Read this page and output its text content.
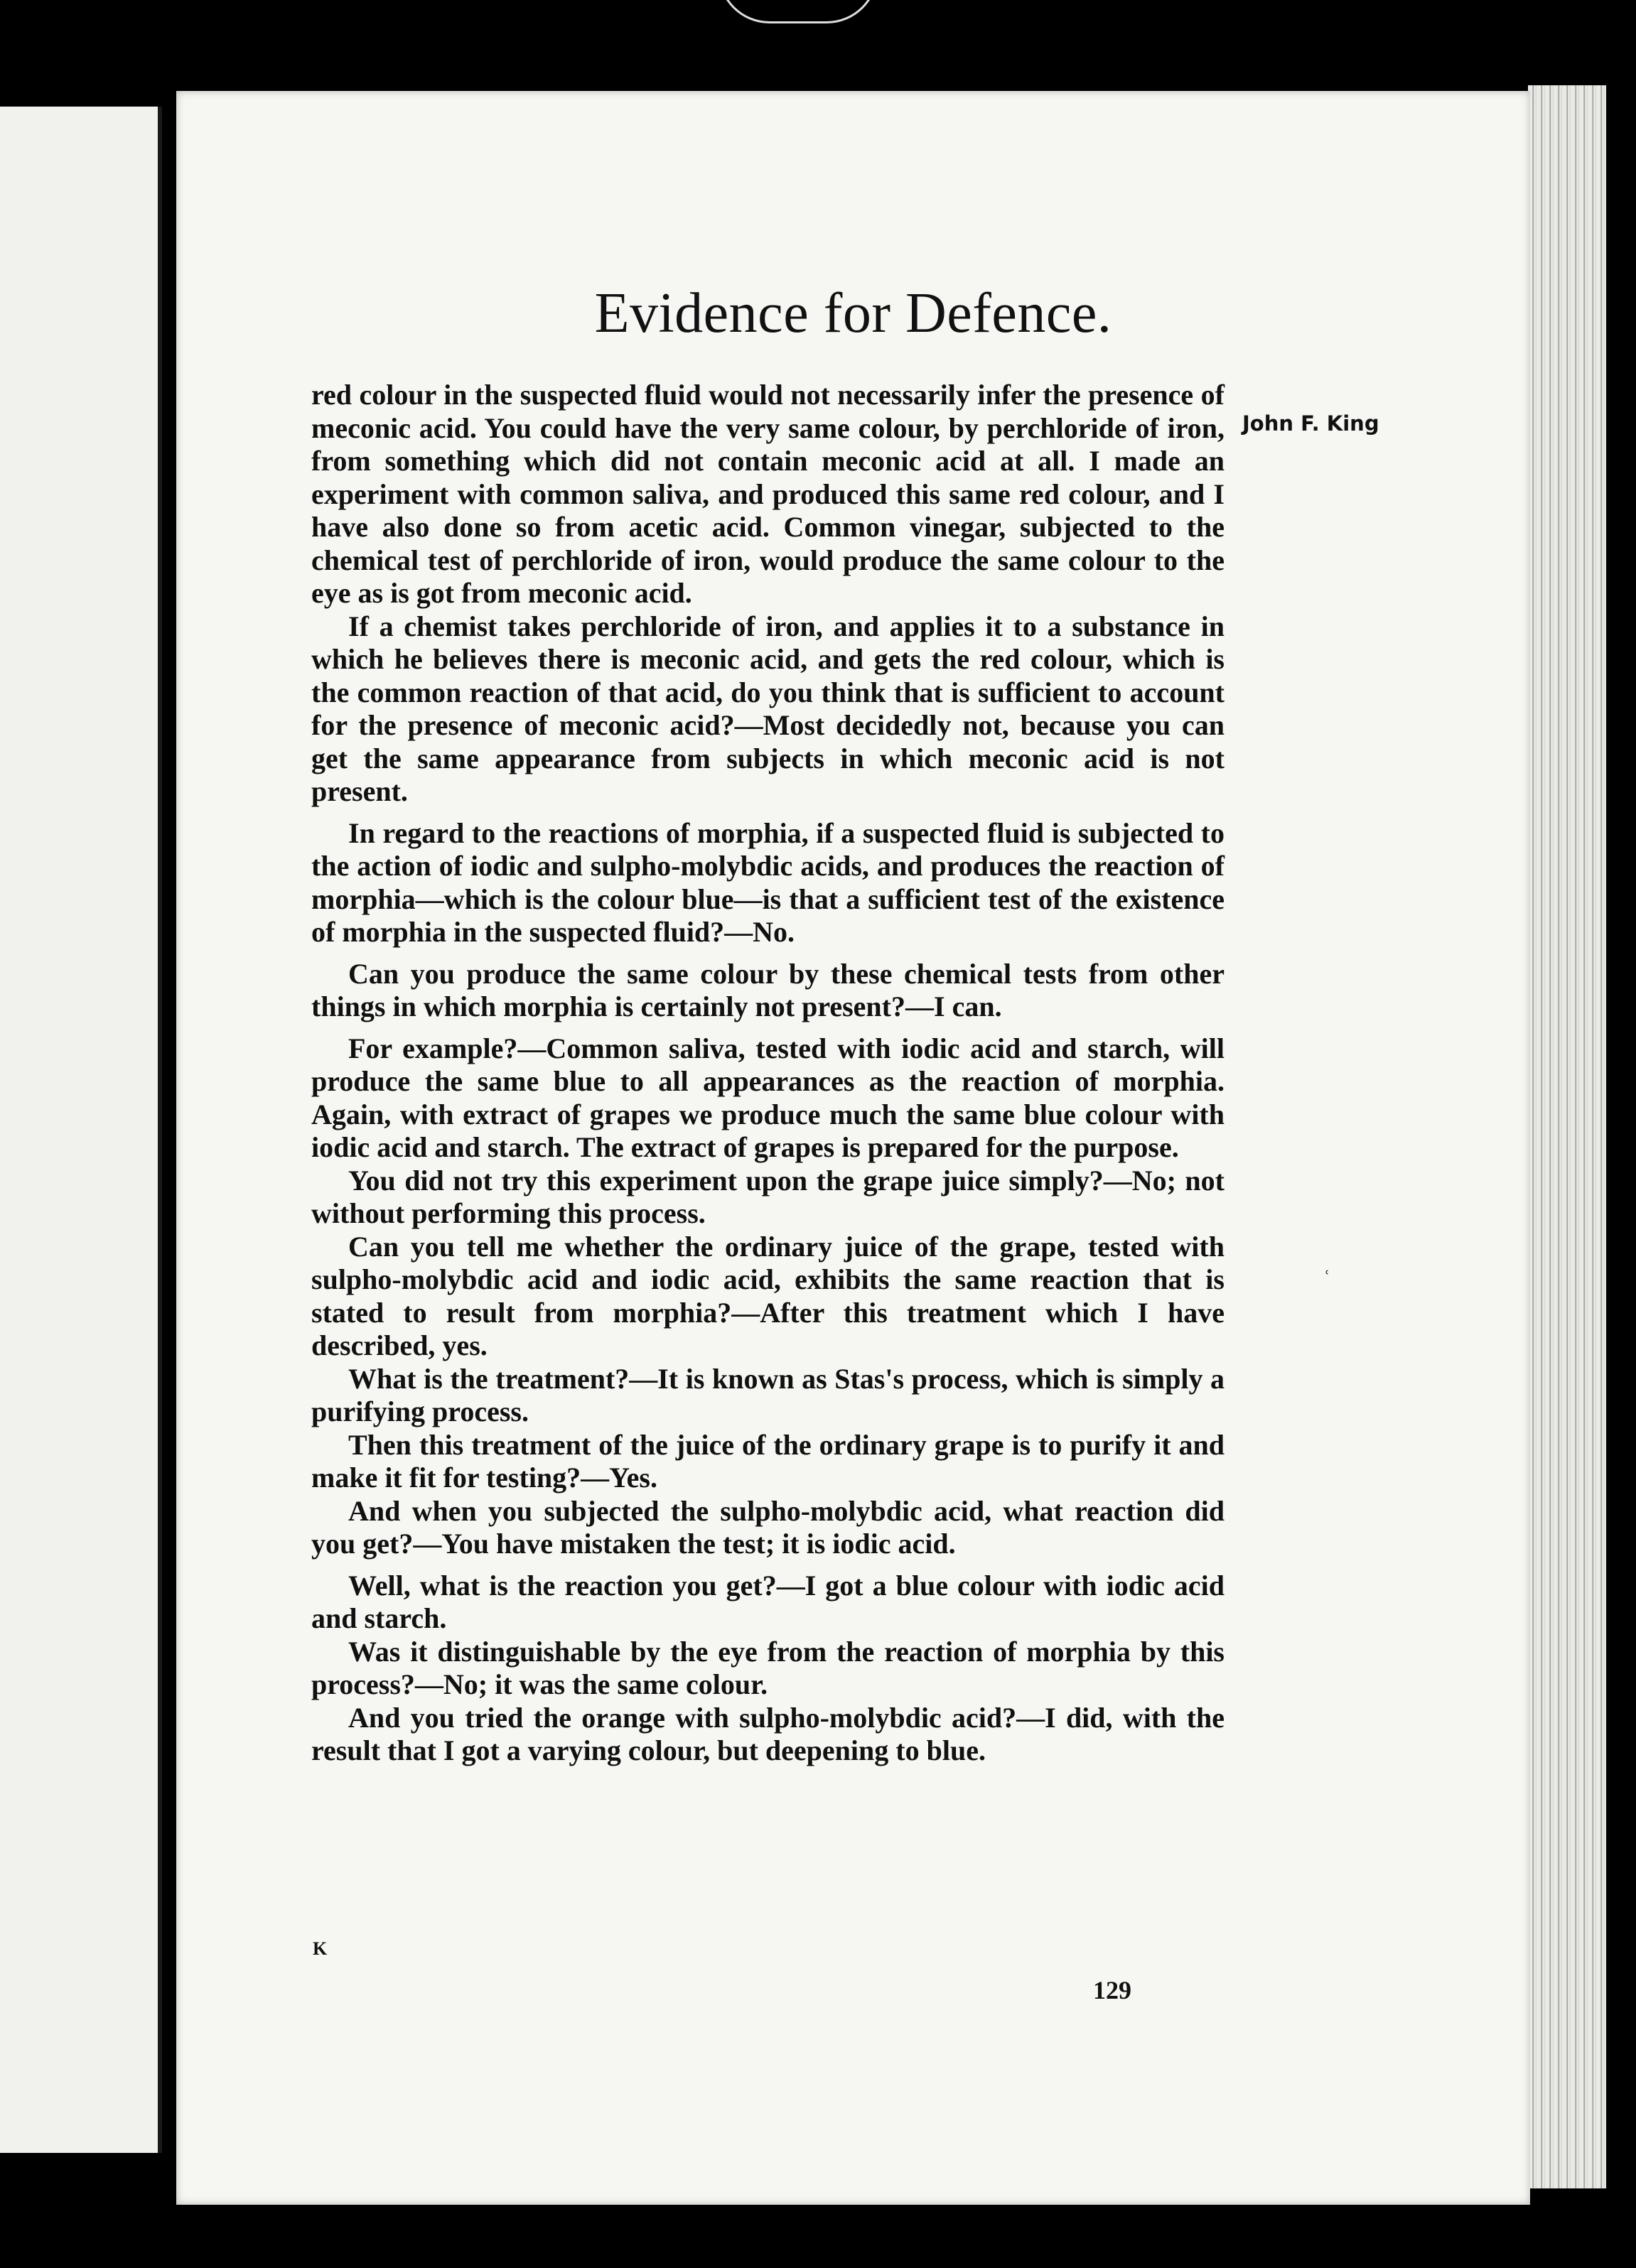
Evidence for Defence.
John F. King

red colour in the suspected fluid would not necessarily infer the presence of meconic acid. You could have the very same colour, by perchloride of iron, from something which did not contain meconic acid at all. I made an experiment with common saliva, and produced this same red colour, and I have also done so from acetic acid. Common vinegar, subjected to the chemical test of perchloride of iron, would produce the same colour to the eye as is got from meconic acid.

If a chemist takes perchloride of iron, and applies it to a substance in which he believes there is meconic acid, and gets the red colour, which is the common reaction of that acid, do you think that is sufficient to account for the presence of meconic acid?—Most decidedly not, because you can get the same appearance from subjects in which meconic acid is not present.

In regard to the reactions of morphia, if a suspected fluid is subjected to the action of iodic and sulpho-molybdic acids, and produces the reaction of morphia—which is the colour blue—is that a sufficient test of the existence of morphia in the suspected fluid?—No.

Can you produce the same colour by these chemical tests from other things in which morphia is certainly not present?—I can.

For example?—Common saliva, tested with iodic acid and starch, will produce the same blue to all appearances as the reaction of morphia. Again, with extract of grapes we produce much the same blue colour with iodic acid and starch. The extract of grapes is prepared for the purpose.

You did not try this experiment upon the grape juice simply?—No; not without performing this process.

Can you tell me whether the ordinary juice of the grape, tested with sulpho-molybdic acid and iodic acid, exhibits the same reaction that is stated to result from morphia?—After this treatment which I have described, yes.

What is the treatment?—It is known as Stas's process, which is simply a purifying process.

Then this treatment of the juice of the ordinary grape is to purify it and make it fit for testing?—Yes.

And when you subjected the sulpho-molybdic acid, what reaction did you get?—You have mistaken the test; it is iodic acid.

Well, what is the reaction you get?—I got a blue colour with iodic acid and starch.

Was it distinguishable by the eye from the reaction of morphia by this process?—No; it was the same colour.

And you tried the orange with sulpho-molybdic acid?—I did, with the result that I got a varying colour, but deepening to blue.

ʿ
K
129
